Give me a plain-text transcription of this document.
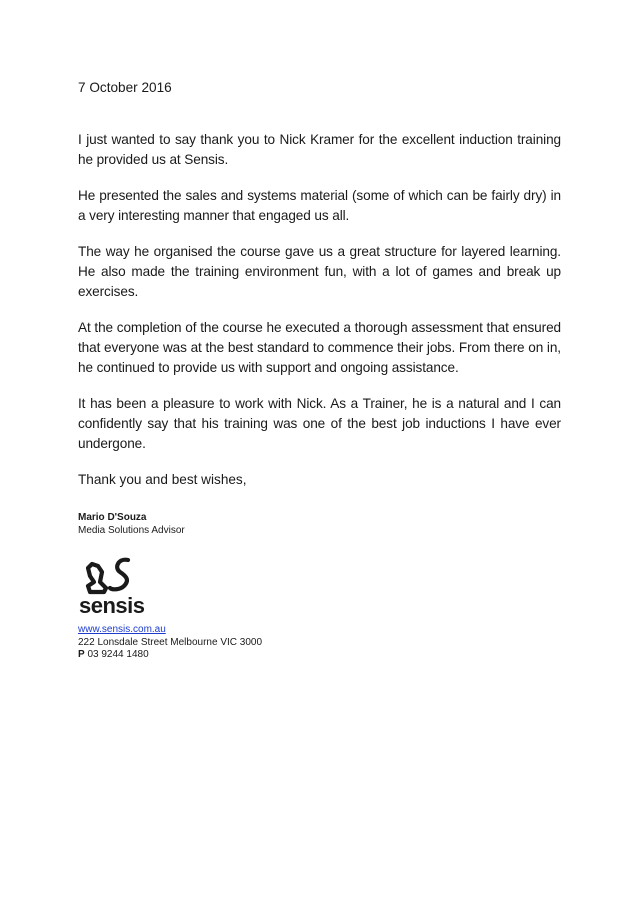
7 October 2016

I just wanted to say thank you to Nick Kramer for the excellent induction training he provided us at Sensis.

He presented the sales and systems material (some of which can be fairly dry) in a very interesting manner that engaged us all.

The way he organised the course gave us a great structure for layered learning. He also made the training environment fun, with a lot of games and break up exercises.

At the completion of the course he executed a thorough assessment that ensured that everyone was at the best standard to commence their jobs. From there on in, he continued to provide us with support and ongoing assistance.

It has been a pleasure to work with Nick. As a Trainer, he is a natural and I can confidently say that his training was one of the best job inductions I have ever undergone.

Thank you and best wishes,

Mario D'Souza

Media Solutions Advisor

sensis

www.sensis.com.au

222 Lonsdale Street Melbourne VIC 3000

P 03 9244 1480
